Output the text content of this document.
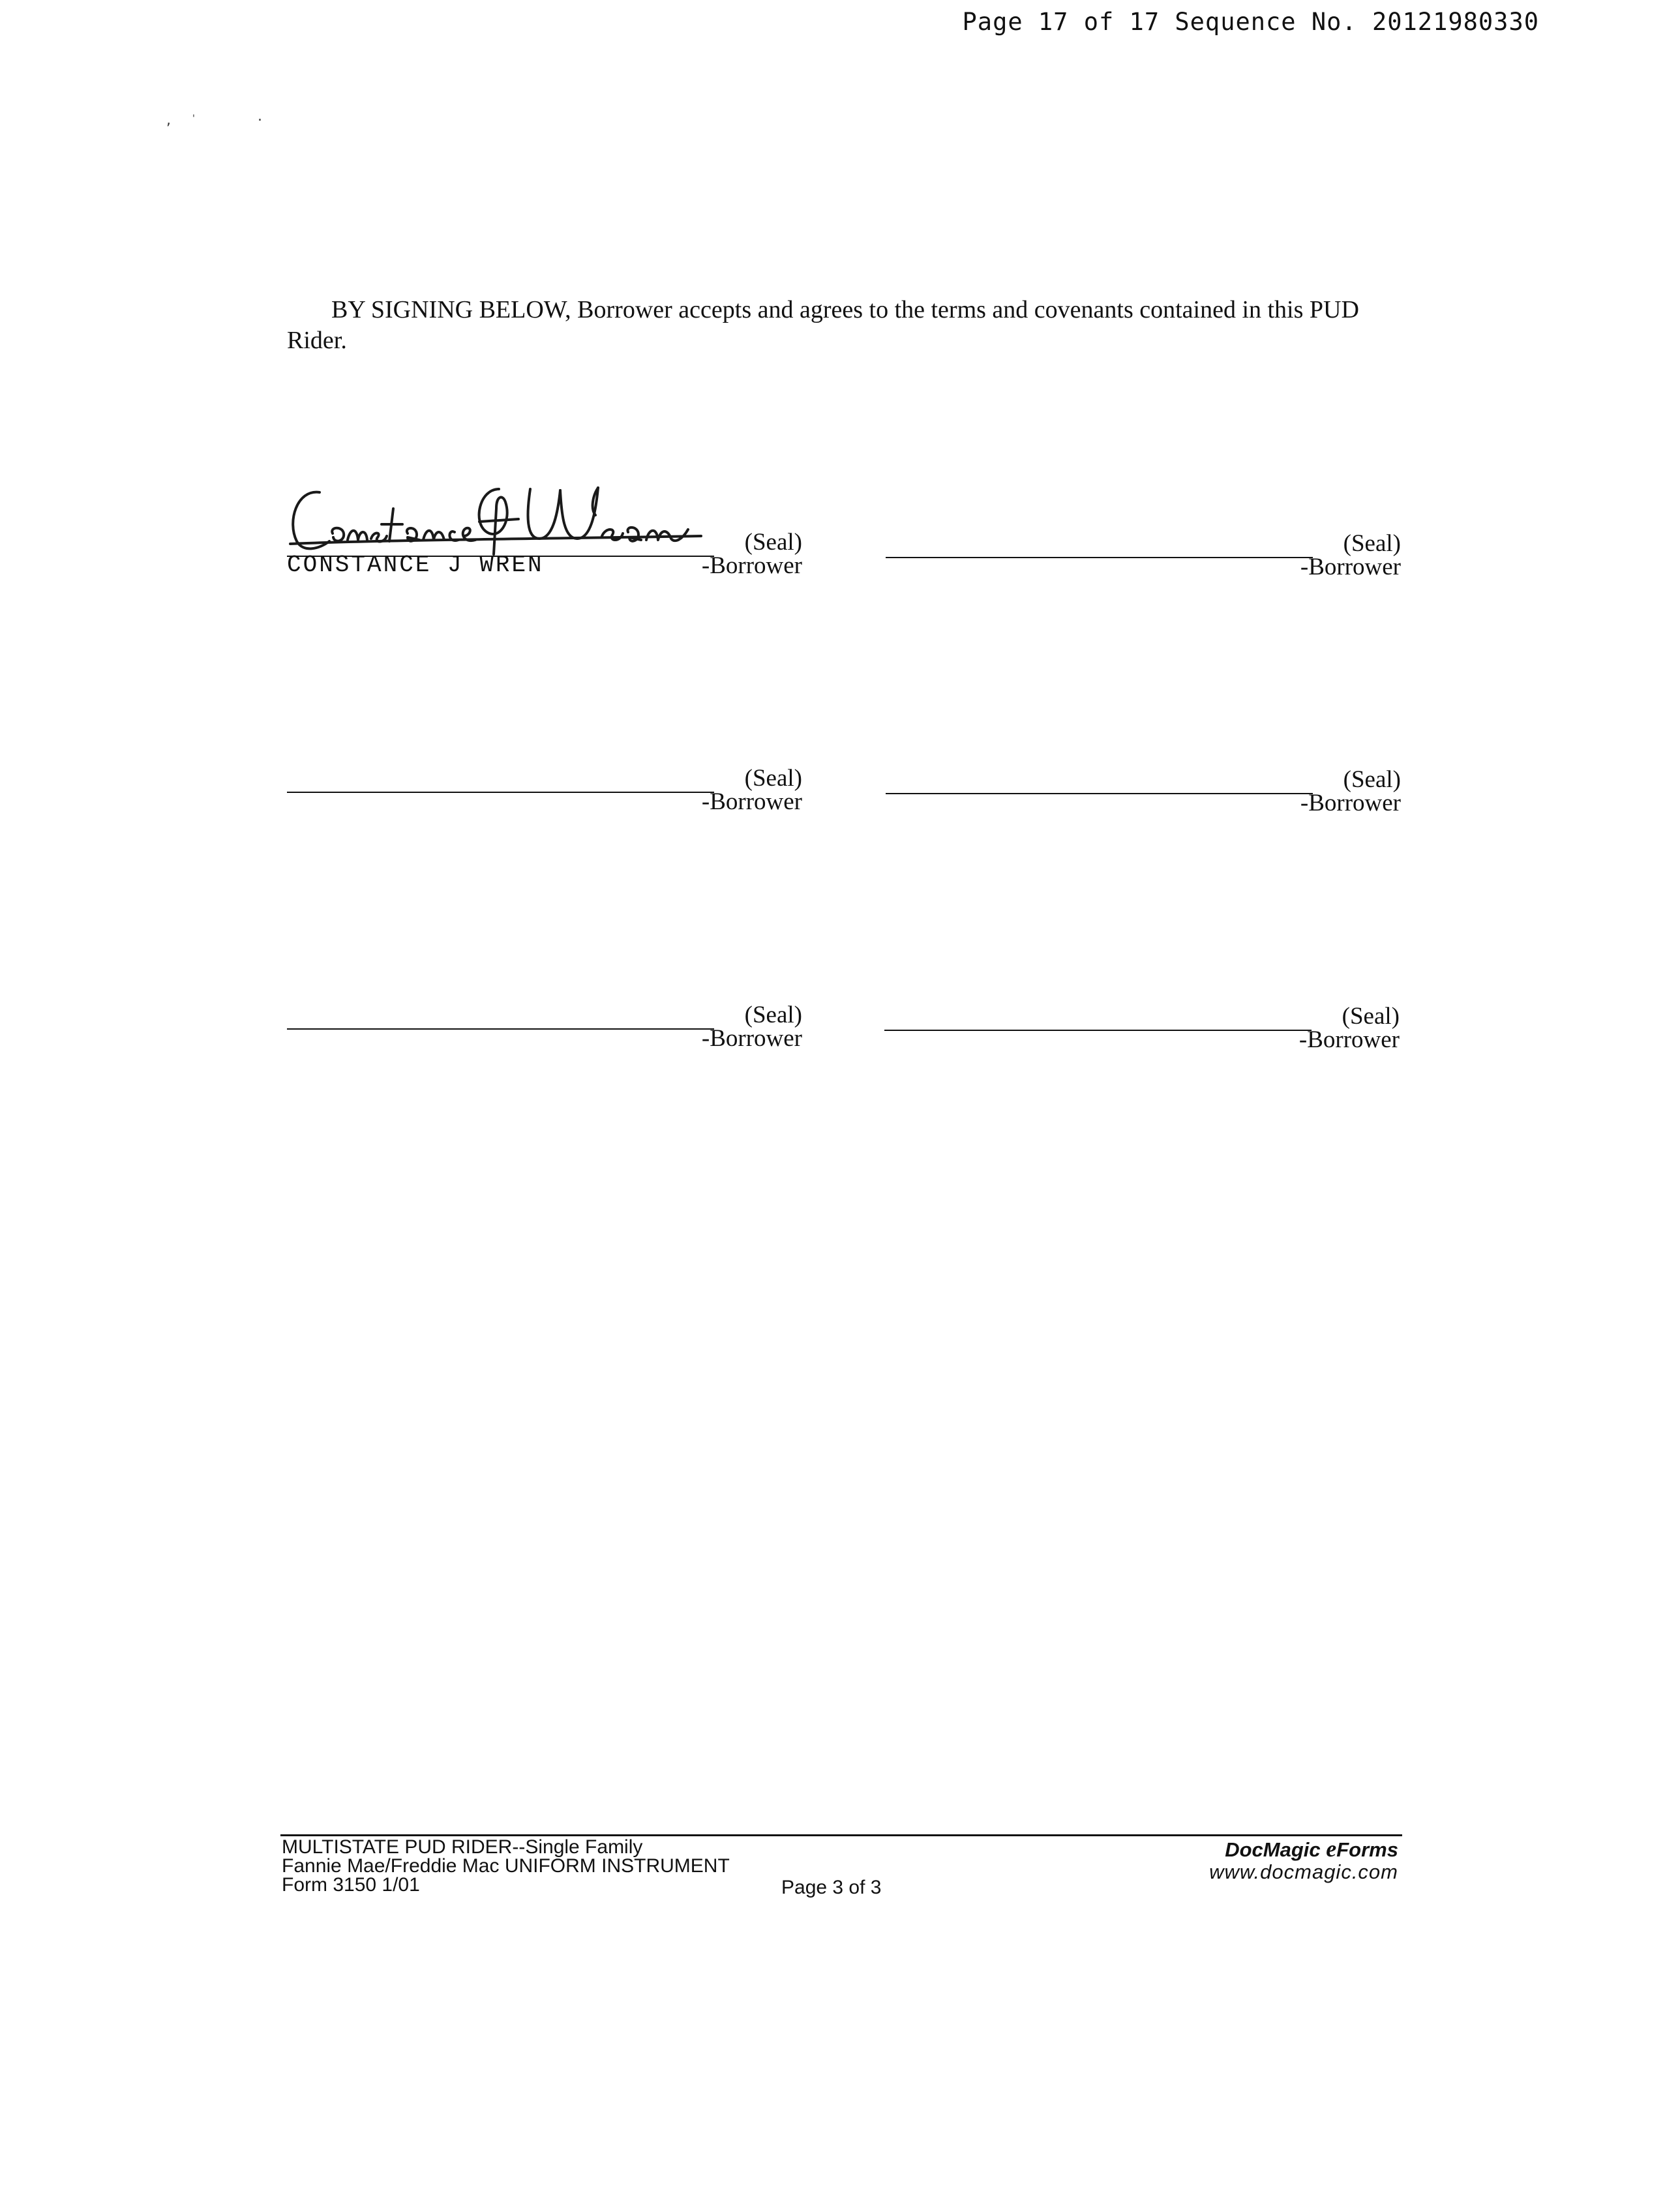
Page 17 of 17 Sequence No. 20121980330
, '	.
BY SIGNING BELOW, Borrower accepts and agrees to the terms and covenants contained in this PUD Rider.
(Seal)
CONSTANCE J WREN	-Borrower
(Seal)
-Borrower
(Seal)
-Borrower
(Seal)
-Borrower
(Seal)
-Borrower
(Seal)
-Borrower
MULTISTATE PUD RIDER--Single Family
Fannie Mae/Freddie Mac UNIFORM INSTRUMENT
Form 3150 1/01	Page 3 of 3
DocMagic eForms
www.docmagic.com
